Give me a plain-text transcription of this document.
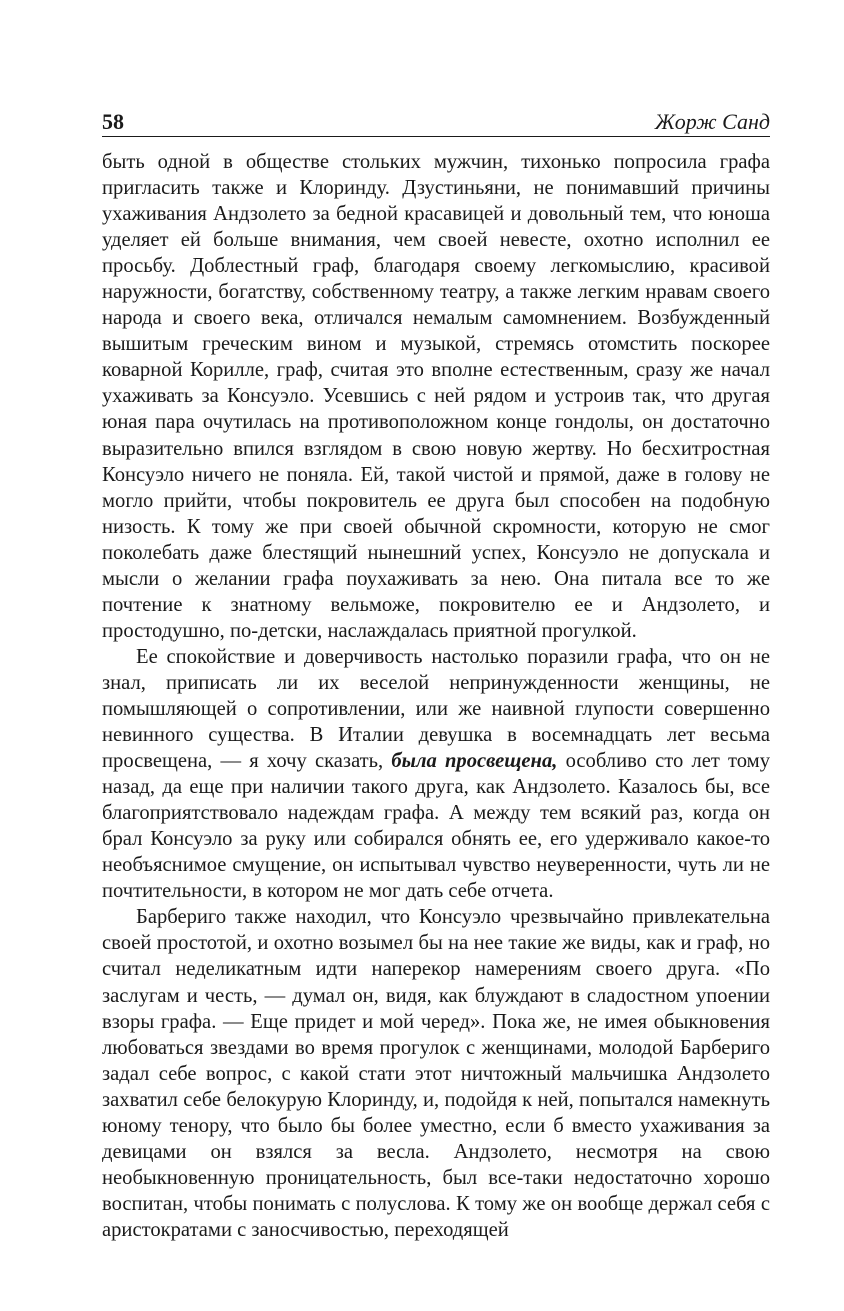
58	Жорж Санд

быть одной в обществе стольких мужчин, тихонько попросила графа пригласить также и Клоринду. Дзустиньяни, не понимавший причины ухаживания Андзолето за бедной красавицей и довольный тем, что юноша уделяет ей больше внимания, чем своей невесте, охотно исполнил ее просьбу. Доблестный граф, благодаря своему легкомыслию, красивой наружности, богатству, собственному театру, а также легким нравам своего народа и своего века, отличался немалым самомнением. Возбужденный вышитым греческим вином и музыкой, стремясь отомстить поскорее коварной Корилле, граф, считая это вполне естественным, сразу же начал ухаживать за Консуэло. Усевшись с ней рядом и устроив так, что другая юная пара очутилась на противоположном конце гондолы, он достаточно выразительно впился взглядом в свою новую жертву. Но бесхитростная Консуэло ничего не поняла. Ей, такой чистой и прямой, даже в голову не могло прийти, чтобы покровитель ее друга был способен на подобную низость. К тому же при своей обычной скромности, которую не смог поколебать даже блестящий нынешний успех, Консуэло не допускала и мысли о желании графа поухаживать за нею. Она питала все то же почтение к знатному вельможе, покровителю ее и Андзолето, и простодушно, по-детски, наслаждалась приятной прогулкой.

Ее спокойствие и доверчивость настолько поразили графа, что он не знал, приписать ли их веселой непринужденности женщины, не помышляющей о сопротивлении, или же наивной глупости совершенно невинного существа. В Италии девушка в восемнадцать лет весьма просвещена, — я хочу сказать, была просвещена, особливо сто лет тому назад, да еще при наличии такого друга, как Андзолето. Казалось бы, все благоприятствовало надеждам графа. А между тем всякий раз, когда он брал Консуэло за руку или собирался обнять ее, его удерживало какое-то необъяснимое смущение, он испытывал чувство неуверенности, чуть ли не почтительности, в котором не мог дать себе отчета.

Барбериго также находил, что Консуэло чрезвычайно привлекательна своей простотой, и охотно возымел бы на нее такие же виды, как и граф, но считал неделикатным идти наперекор намерениям своего друга. «По заслугам и честь, — думал он, видя, как блуждают в сладостном упоении взоры графа. — Еще придет и мой черед». Пока же, не имея обыкновения любоваться звездами во время прогулок с женщинами, молодой Барбериго задал себе вопрос, с какой стати этот ничтожный мальчишка Андзолето захватил себе белокурую Клоринду, и, подойдя к ней, попытался намекнуть юному тенору, что было бы более уместно, если б вместо ухаживания за девицами он взялся за весла. Андзолето, несмотря на свою необыкновенную проницательность, был все-таки недостаточно хорошо воспитан, чтобы понимать с полуслова. К тому же он вообще держал себя с аристократами с заносчивостью, переходящей
